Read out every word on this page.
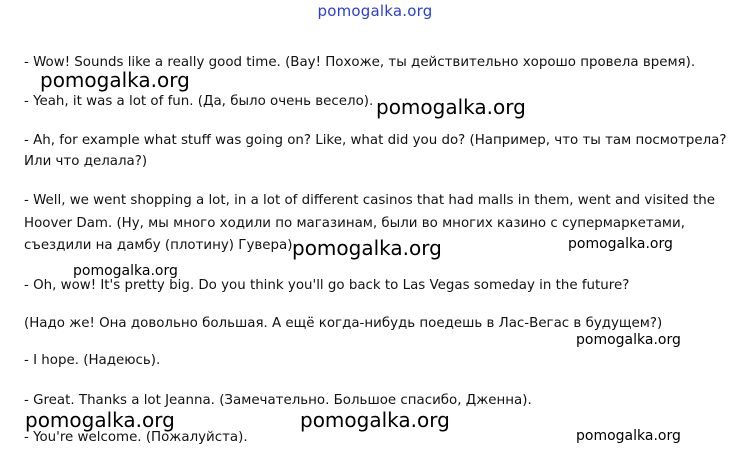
pomogalka.org
- Wow! Sounds like a really good time. (Вау! Похоже, ты действительно хорошо провела время).
- Yeah, it was a lot of fun. (Да, было очень весело).
- Ah, for example what stuff was going on? Like, what did you do? (Например, что ты там посмотрела?
Или что делала?)
- Well, we went shopping a lot, in a lot of different casinos that had malls in them, went and visited the
Hoover Dam. (Ну, мы много ходили по магазинам, были во многих казино с супермаркетами,
съездили на дамбу (плотину) Гувера).
- Oh, wow! It's pretty big. Do you think you'll go back to Las Vegas someday in the future?
(Надо же! Она довольно большая. А ещё когда-нибудь поедешь в Лас-Вегас в будущем?)
- I hope. (Надеюсь).
- Great. Thanks a lot Jeanna. (Замечательно. Большое спасибо, Дженна).
- You're welcome. (Пожалуйста).
pomogalka.org
pomogalka.org
pomogalka.org	pomogalka.org
pomogalka.org
pomogalka.org
pomogalka.org	pomogalka.org
pomogalka.org
